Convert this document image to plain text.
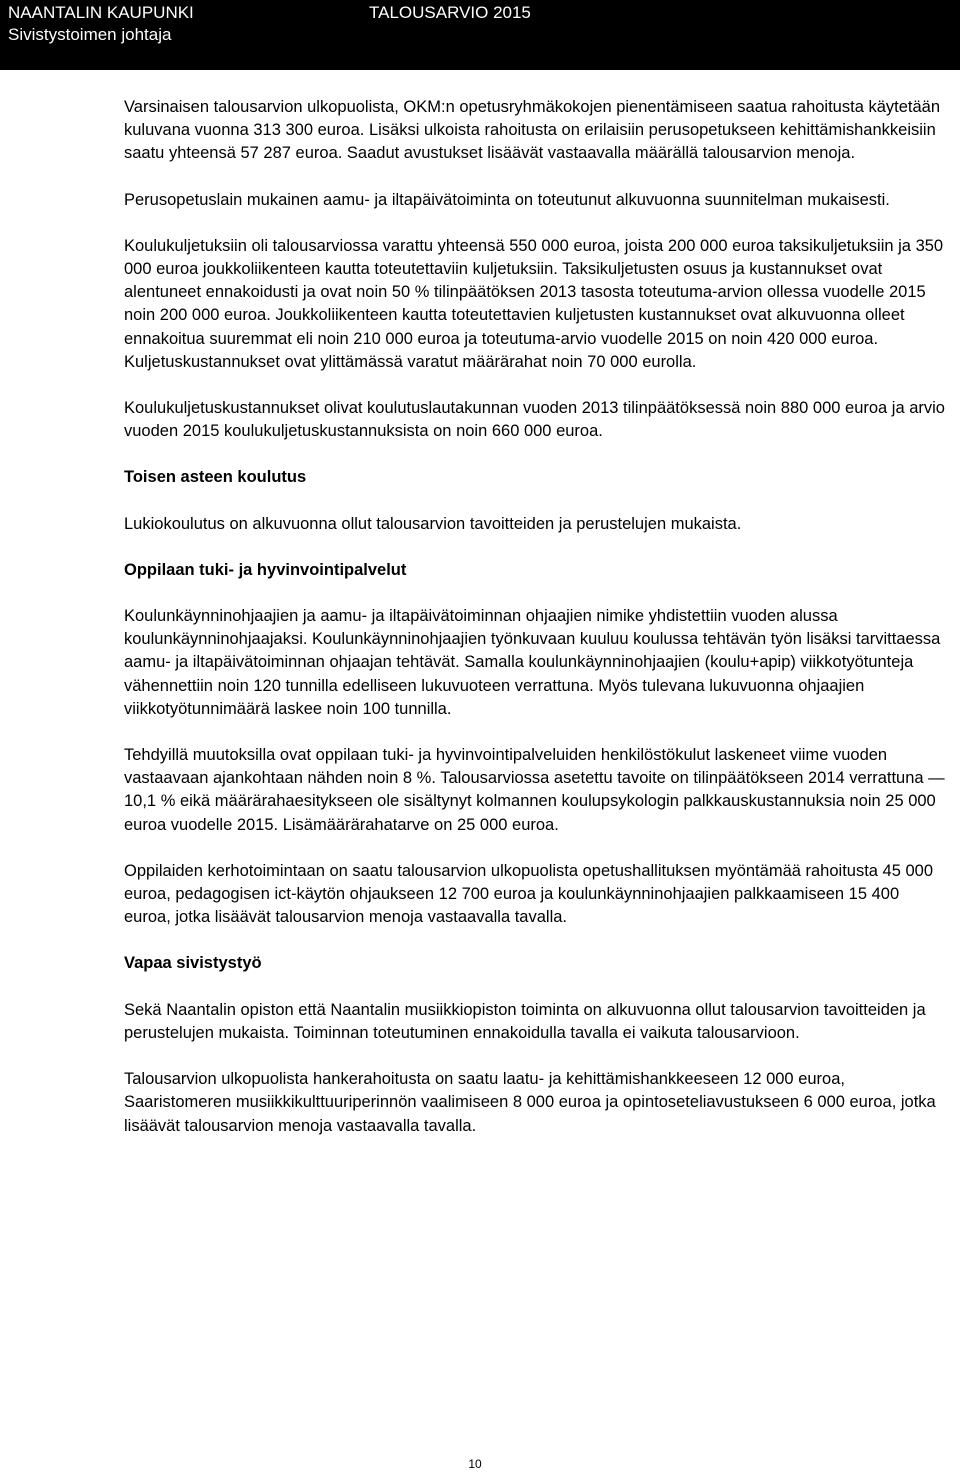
NAANTALIN KAUPUNKI
Sivistystoimen johtaja
TALOUSARVIO 2015

Varsinaisen talousarvion ulkopuolista, OKM:n opetusryhmäkokojen pienentämiseen saatua rahoitusta käytetään kuluvana vuonna 313 300 euroa. Lisäksi ulkoista rahoitusta on erilaisiin perusopetukseen kehittämishankkeisiin saatu yhteensä 57 287 euroa. Saadut avustukset lisäävät vastaavalla määrällä talousarvion menoja.

Perusopetuslain mukainen aamu- ja iltapäivätoiminta on toteutunut alkuvuonna suunnitelman mukaisesti.

Koulukuljetuksiin oli talousarviossa varattu yhteensä 550 000 euroa, joista 200 000 euroa taksikuljetuksiin ja 350 000 euroa joukkoliikenteen kautta toteutettaviin kuljetuksiin. Taksikuljetusten osuus ja kustannukset ovat alentuneet ennakoidusti ja ovat noin 50 % tilinpäätöksen 2013 tasosta toteutuma-arvion ollessa vuodelle 2015 noin 200 000 euroa. Joukkoliikenteen kautta toteutettavien kuljetusten kustannukset ovat alkuvuonna olleet ennakoitua suuremmat eli noin 210 000 euroa ja toteutuma-arvio vuodelle 2015 on noin 420 000 euroa. Kuljetuskustannukset ovat ylittämässä varatut määrärahat noin 70 000 eurolla.

Koulukuljetuskustannukset olivat koulutuslautakunnan vuoden 2013 tilinpäätöksessä noin 880 000 euroa ja arvio vuoden 2015 koulukuljetuskustannuksista on noin 660 000 euroa.

Toisen asteen koulutus

Lukiokoulutus on alkuvuonna ollut talousarvion tavoitteiden ja perustelujen mukaista.

Oppilaan tuki- ja hyvinvointipalvelut

Koulunkäynninohjaajien ja aamu- ja iltapäivätoiminnan ohjaajien nimike yhdistettiin vuoden alussa koulunkäynninohjaajaksi. Koulunkäynninohjaajien työnkuvaan kuuluu koulussa tehtävän työn lisäksi tarvittaessa aamu- ja iltapäivätoiminnan ohjaajan tehtävät. Samalla koulunkäynninohjaajien (koulu+apip) viikkotyötunteja vähennettiin noin 120 tunnilla edelliseen lukuvuoteen verrattuna. Myös tulevana lukuvuonna ohjaajien viikkotyötunnimäärä laskee noin 100 tunnilla.

Tehdyillä muutoksilla ovat oppilaan tuki- ja hyvinvointipalveluiden henkilöstökulut laskeneet viime vuoden vastaavaan ajankohtaan nähden noin 8 %. Talousarviossa asetettu tavoite on tilinpäätökseen 2014 verrattuna — 10,1 % eikä määrärahaesitykseen ole sisältynyt kolmannen koulupsykologin palkkauskustannuksia noin 25 000 euroa vuodelle 2015. Lisämäärärahatarve on 25 000 euroa.

Oppilaiden kerhotoimintaan on saatu talousarvion ulkopuolista opetushallituksen myöntämää rahoitusta 45 000 euroa, pedagogisen ict-käytön ohjaukseen 12 700 euroa ja koulunkäynninohjaajien palkkaamiseen 15 400 euroa, jotka lisäävät talousarvion menoja vastaavalla tavalla.

Vapaa sivistystyö

Sekä Naantalin opiston että Naantalin musiikkiopiston toiminta on alkuvuonna ollut talousarvion tavoitteiden ja perustelujen mukaista. Toiminnan toteutuminen ennakoidulla tavalla ei vaikuta talousarvioon.

Talousarvion ulkopuolista hankerahoitusta on saatu laatu- ja kehittämishankkeeseen 12 000 euroa, Saaristomeren musiikkikulttuuriperinnön vaalimiseen 8 000 euroa ja opintoseteliavustukseen 6 000 euroa, jotka lisäävät talousarvion menoja vastaavalla tavalla.

10
